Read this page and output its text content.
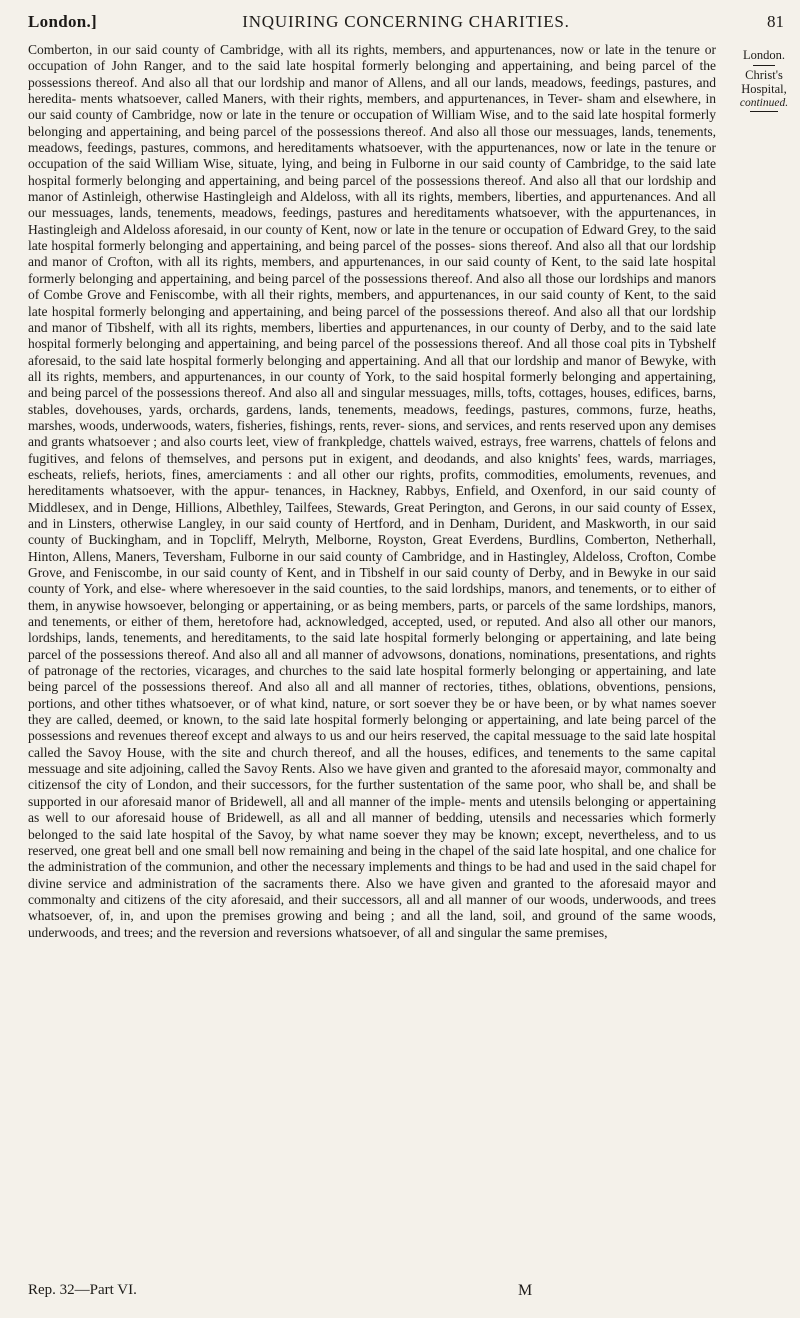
London.]	INQUIRING CONCERNING CHARITIES.	81
London.
Christ's Hospital,
continued.

Comberton, in our said county of Cambridge, with all its rights, members, and appurtenances, now or late in the tenure or occupation of John Ranger, and to the said late hospital formerly belonging and appertaining, and being parcel of the possessions thereof. And also all that our lordship and manor of Allens, and all our lands, meadows, feedings, pastures, and heredita- ments whatsoever, called Maners, with their rights, members, and appurtenances, in Tever- sham and elsewhere, in our said county of Cambridge, now or late in the tenure or occupation of William Wise, and to the said late hospital formerly belonging and appertaining, and being parcel of the possessions thereof. And also all those our messuages, lands, tenements, meadows, feedings, pastures, commons, and hereditaments whatsoever, with the appurtenances, now or late in the tenure or occupation of the said William Wise, situate, lying, and being in Fulborne in our said county of Cambridge, to the said late hospital formerly belonging and appertaining, and being parcel of the possessions thereof. And also all that our lordship and manor of Astinleigh, otherwise Hastingleigh and Aldeloss, with all its rights, members, liberties, and appurtenances. And all our messuages, lands, tenements, meadows, feedings, pastures and hereditaments whatsoever, with the appurtenances, in Hastingleigh and Aldeloss aforesaid, in our county of Kent, now or late in the tenure or occupation of Edward Grey, to the said late hospital formerly belonging and appertaining, and being parcel of the posses- sions thereof. And also all that our lordship and manor of Crofton, with all its rights, members, and appurtenances, in our said county of Kent, to the said late hospital formerly belonging and appertaining, and being parcel of the possessions thereof. And also all those our lordships and manors of Combe Grove and Feniscombe, with all their rights, members, and appurtenances, in our said county of Kent, to the said late hospital formerly belonging and appertaining, and being parcel of the possessions thereof. And also all that our lordship and manor of Tibshelf, with all its rights, members, liberties and appurtenances, in our county of Derby, and to the said late hospital formerly belonging and appertaining, and being parcel of the possessions thereof. And all those coal pits in Tybshelf aforesaid, to the said late hospital formerly belonging and appertaining. And all that our lordship and manor of Bewyke, with all its rights, members, and appurtenances, in our county of York, to the said hospital formerly belonging and appertaining, and being parcel of the possessions thereof. And also all and singular messuages, mills, tofts, cottages, houses, edifices, barns, stables, dovehouses, yards, orchards, gardens, lands, tenements, meadows, feedings, pastures, commons, furze, heaths, marshes, woods, underwoods, waters, fisheries, fishings, rents, rever- sions, and services, and rents reserved upon any demises and grants whatsoever ; and also courts leet, view of frankpledge, chattels waived, estrays, free warrens, chattels of felons and fugitives, and felons of themselves, and persons put in exigent, and deodands, and also knights' fees, wards, marriages, escheats, reliefs, heriots, fines, amerciaments : and all other our rights, profits, commodities, emoluments, revenues, and hereditaments whatsoever, with the appur- tenances, in Hackney, Rabbys, Enfield, and Oxenford, in our said county of Middlesex, and in Denge, Hillions, Albethley, Tailfees, Stewards, Great Perington, and Gerons, in our said county of Essex, and in Linsters, otherwise Langley, in our said county of Hertford, and in Denham, Durident, and Maskworth, in our said county of Buckingham, and in Topcliff, Melryth, Melborne, Royston, Great Everdens, Burdlins, Comberton, Netherhall, Hinton, Allens, Maners, Teversham, Fulborne in our said county of Cambridge, and in Hastingley, Aldeloss, Crofton, Combe Grove, and Feniscombe, in our said county of Kent, and in Tibshelf in our said county of Derby, and in Bewyke in our said county of York, and else- where wheresoever in the said counties, to the said lordships, manors, and tenements, or to either of them, in anywise howsoever, belonging or appertaining, or as being members, parts, or parcels of the same lordships, manors, and tenements, or either of them, heretofore had, acknowledged, accepted, used, or reputed. And also all other our manors, lordships, lands, tenements, and hereditaments, to the said late hospital formerly belonging or appertaining, and late being parcel of the possessions thereof. And also all and all manner of advowsons, donations, nominations, presentations, and rights of patronage of the rectories, vicarages, and churches to the said late hospital formerly belonging or appertaining, and late being parcel of the possessions thereof. And also all and all manner of rectories, tithes, oblations, obventions, pensions, portions, and other tithes whatsoever, or of what kind, nature, or sort soever they be or have been, or by what names soever they are called, deemed, or known, to the said late hospital formerly belonging or appertaining, and late being parcel of the possessions and revenues thereof except and always to us and our heirs reserved, the capital messuage to the said late hospital called the Savoy House, with the site and church thereof, and all the houses, edifices, and tenements to the same capital messuage and site adjoining, called the Savoy Rents. Also we have given and granted to the aforesaid mayor, commonalty and citizensof the city of London, and their successors, for the further sustentation of the same poor, who shall be, and shall be supported in our aforesaid manor of Bridewell, all and all manner of the imple- ments and utensils belonging or appertaining as well to our aforesaid house of Bridewell, as all and all manner of bedding, utensils and necessaries which formerly belonged to the said late hospital of the Savoy, by what name soever they may be known; except, nevertheless, and to us reserved, one great bell and one small bell now remaining and being in the chapel of the said late hospital, and one chalice for the administration of the communion, and other the necessary implements and things to be had and used in the said chapel for divine service and administration of the sacraments there. Also we have given and granted to the aforesaid mayor and commonalty and citizens of the city aforesaid, and their successors, all and all manner of our woods, underwoods, and trees whatsoever, of, in, and upon the premises growing and being ; and all the land, soil, and ground of the same woods, underwoods, and trees; and the reversion and reversions whatsoever, of all and singular the same premises,

Rep. 32—Part VI.	M
